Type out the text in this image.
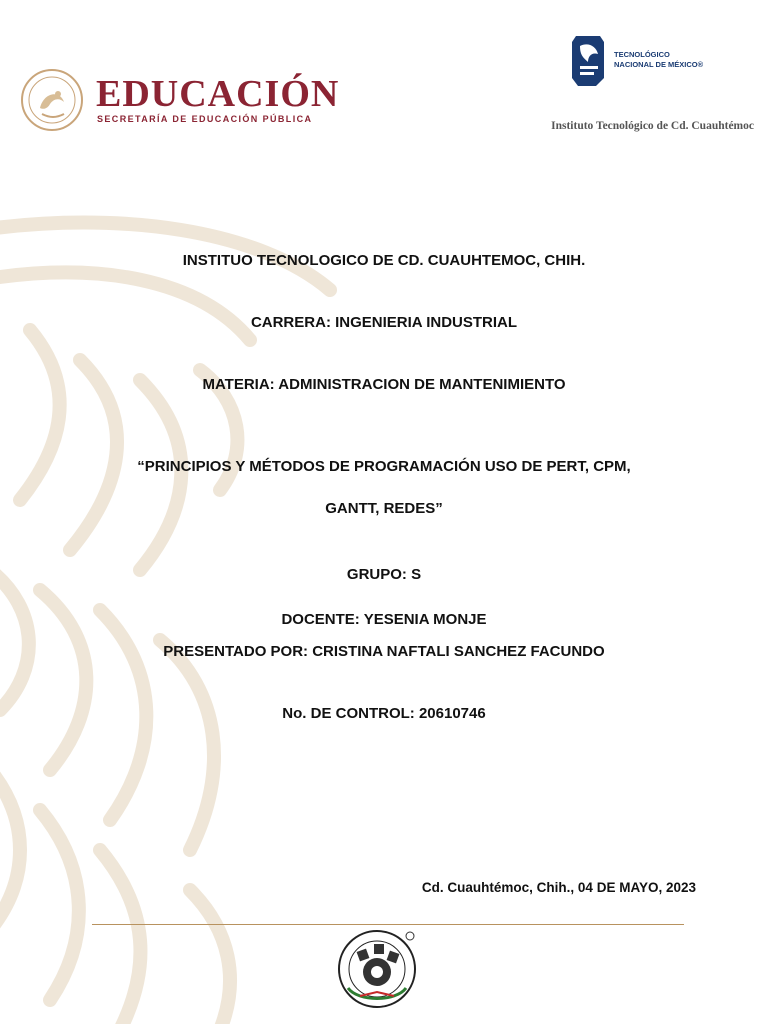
EDUCACIÓN
SECRETARÍA DE EDUCACIÓN PÚBLICA
TECNOLÓGICO
NACIONAL DE MÉXICO®
Instituto Tecnológico de Cd. Cuauhtémoc
INSTITUO TECNOLOGICO DE CD. CUAUHTEMOC, CHIH.
CARRERA: INGENIERIA INDUSTRIAL
MATERIA: ADMINISTRACION DE MANTENIMIENTO
“PRINCIPIOS Y MÉTODOS DE PROGRAMACIÓN USO DE PERT, CPM,
GANTT, REDES”
GRUPO: S
DOCENTE: YESENIA MONJE
PRESENTADO POR: CRISTINA NAFTALI SANCHEZ FACUNDO
No. DE CONTROL: 20610746
Cd. Cuauhtémoc, Chih., 04 DE MAYO, 2023
